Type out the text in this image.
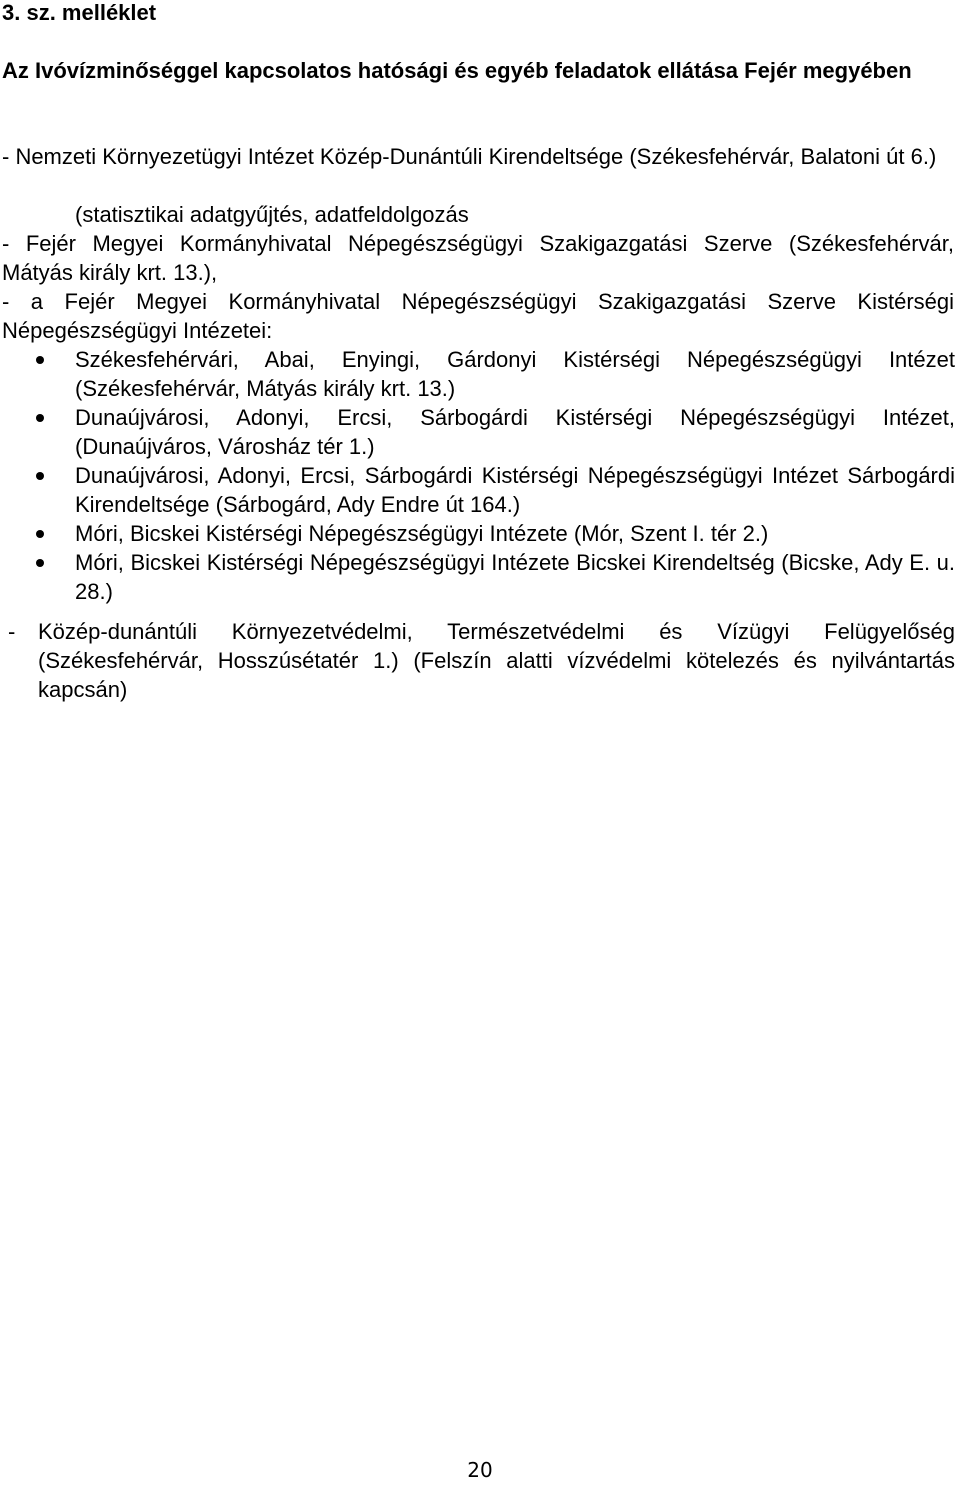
3. sz. melléklet
Az Ivóvízminőséggel kapcsolatos hatósági és egyéb feladatok ellátása Fejér megyében

- Nemzeti Környezetügyi Intézet Közép-Dunántúli Kirendeltsége (Székesfehérvár, Balatoni út 6.)

(statisztikai adatgyűjtés, adatfeldolgozás

- Fejér Megyei Kormányhivatal Népegészségügyi Szakigazgatási Szerve (Székesfehérvár, Mátyás király krt. 13.),

- a Fejér Megyei Kormányhivatal Népegészségügyi Szakigazgatási Szerve Kistérségi Népegészségügyi Intézetei:

Székesfehérvári, Abai, Enyingi, Gárdonyi Kistérségi Népegészségügyi Intézet (Székesfehérvár, Mátyás király krt. 13.)
Dunaújvárosi, Adonyi, Ercsi, Sárbogárdi Kistérségi Népegészségügyi Intézet, (Dunaújváros, Városház tér 1.)
Dunaújvárosi, Adonyi, Ercsi, Sárbogárdi Kistérségi Népegészségügyi Intézet Sárbogárdi Kirendeltsége (Sárbogárd, Ady Endre út 164.)
Móri, Bicskei Kistérségi Népegészségügyi Intézete (Mór, Szent I. tér 2.)
Móri, Bicskei Kistérségi Népegészségügyi Intézete Bicskei Kirendeltség (Bicske, Ady E. u. 28.)
- Közép-dunántúli Környezetvédelmi, Természetvédelmi és Vízügyi Felügyelőség (Székesfehérvár, Hosszúsétatér 1.) (Felszín alatti vízvédelmi kötelezés és nyilvántartás kapcsán)
20
